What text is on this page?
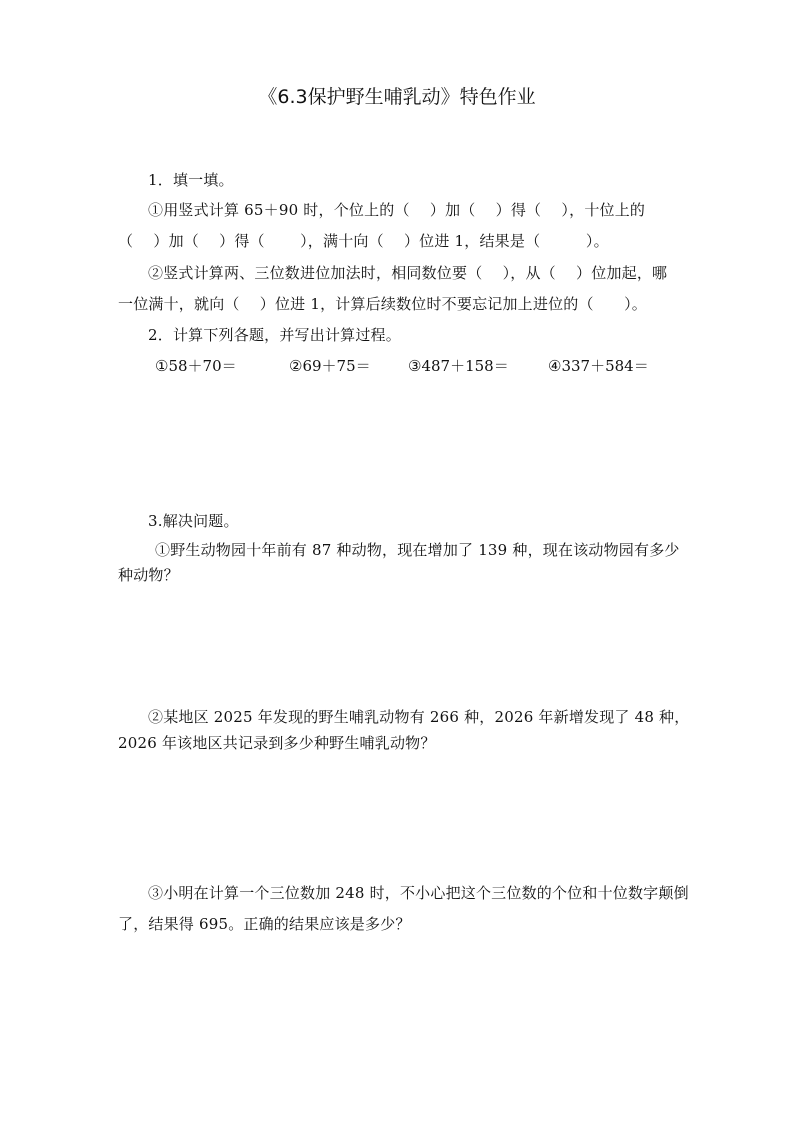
《6.3保护野生哺乳动》特色作业
1．填一填。
①用竖式计算 65＋90 时，个位上的（　 ）加（　 ）得（　 ），十位上的
（　 ）加（　 ）得（　　 ），满十向（　 ）位进 1，结果是（　　　）。
②竖式计算两、三位数进位加法时，相同数位要（　 ），从（　 ）位加起，哪
一位满十，就向（　 ）位进 1，计算后续数位时不要忘记加上进位的（　　）。
2．计算下列各题，并写出计算过程。
①58＋70＝	②69＋75＝ ③487＋158＝	④337＋584＝
3.解决问题。
①野生动物园十年前有 87 种动物，现在增加了 139 种，现在该动物园有多少
种动物？
②某地区 2025 年发现的野生哺乳动物有 266 种，2026 年新增发现了 48 种，
2026 年该地区共记录到多少种野生哺乳动物？
③小明在计算一个三位数加 248 时，不小心把这个三位数的个位和十位数字颠倒
了，结果得 695。正确的结果应该是多少？
